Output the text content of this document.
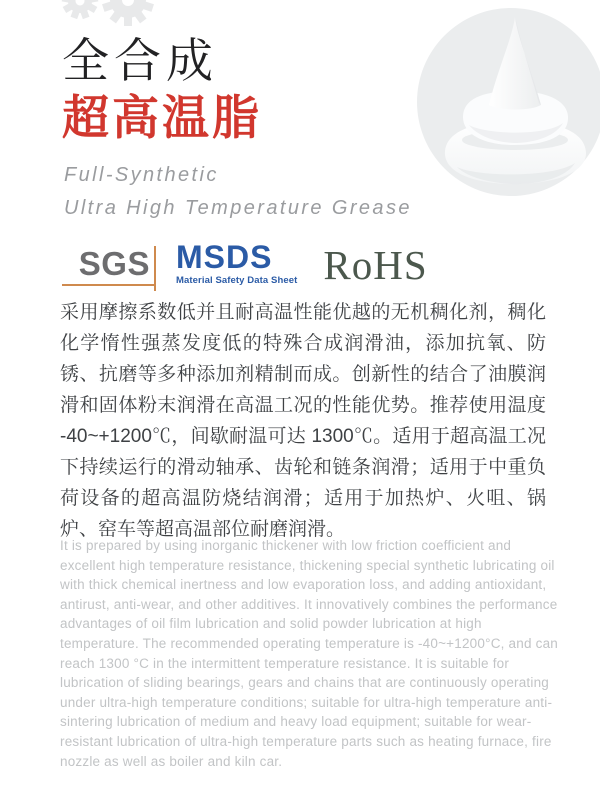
全合成
超高温脂
Full-Synthetic
Ultra High Temperature Grease
SGS MSDS
Material Safety Data Sheet RoHS
采用摩擦系数低并且耐高温性能优越的无机稠化剂，稠化化学惰性强蒸发度低的特殊合成润滑油，添加抗氧、防锈、抗磨等多种添加剂精制而成。创新性的结合了油膜润滑和固体粉末润滑在高温工况的性能优势。推荐使用温度 -40~+1200℃，间歇耐温可达 1300℃。适用于超高温工况下持续运行的滑动轴承、齿轮和链条润滑；适用于中重负荷设备的超高温防烧结润滑；适用于加热炉、火咀、锅炉、窑车等超高温部位耐磨润滑。
It is prepared by using inorganic thickener with low friction coefficient and excellent high temperature resistance, thickening special synthetic lubricating oil with thick chemical inertness and low evaporation loss, and adding antioxidant, antirust, anti-wear, and other additives. It innovatively combines the performance advantages of oil film lubrication and solid powder lubrication at high temperature. The recommended operating temperature is -40~+1200°C, and can reach 1300 °C in the intermittent temperature resistance. It is suitable for lubrication of sliding bearings, gears and chains that are continuously operating under ultra-high temperature conditions; suitable for ultra-high temperature anti-sintering lubrication of medium and heavy load equipment; suitable for wear-resistant lubrication of ultra-high temperature parts such as heating furnace, fire nozzle as well as boiler and kiln car.
